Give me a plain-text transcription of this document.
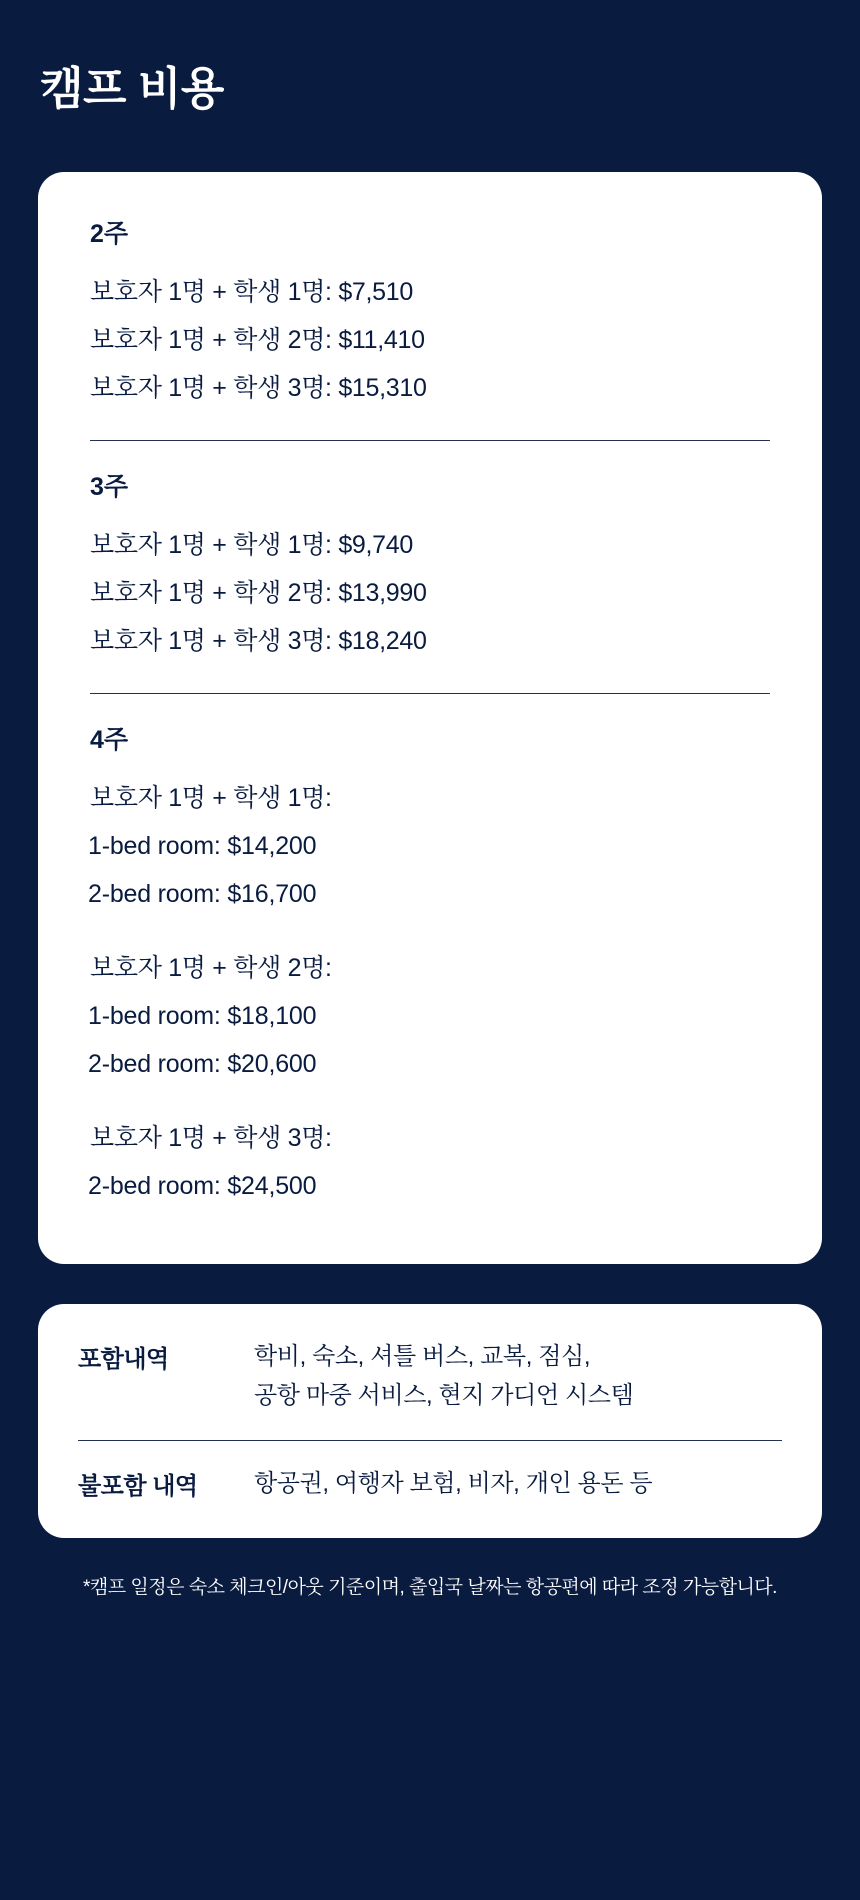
캠프 비용
2주
보호자 1명 + 학생 1명: $7,510
보호자 1명 + 학생 2명: $11,410
보호자 1명 + 학생 3명: $15,310
3주
보호자 1명 + 학생 1명: $9,740
보호자 1명 + 학생 2명: $13,990
보호자 1명 + 학생 3명: $18,240
4주
보호자 1명 + 학생 1명:
1-bed room: $14,200
2-bed room: $16,700
보호자 1명 + 학생 2명:
1-bed room: $18,100
2-bed room: $20,600
보호자 1명 + 학생 3명:
2-bed room: $24,500
포함내역	학비, 숙소, 셔틀 버스, 교복, 점심,
공항 마중 서비스, 현지 가디언 시스템
불포함 내역	항공권, 여행자 보험, 비자, 개인 용돈 등
*캠프 일정은 숙소 체크인/아웃 기준이며, 출입국 날짜는 항공편에 따라 조정 가능합니다.
